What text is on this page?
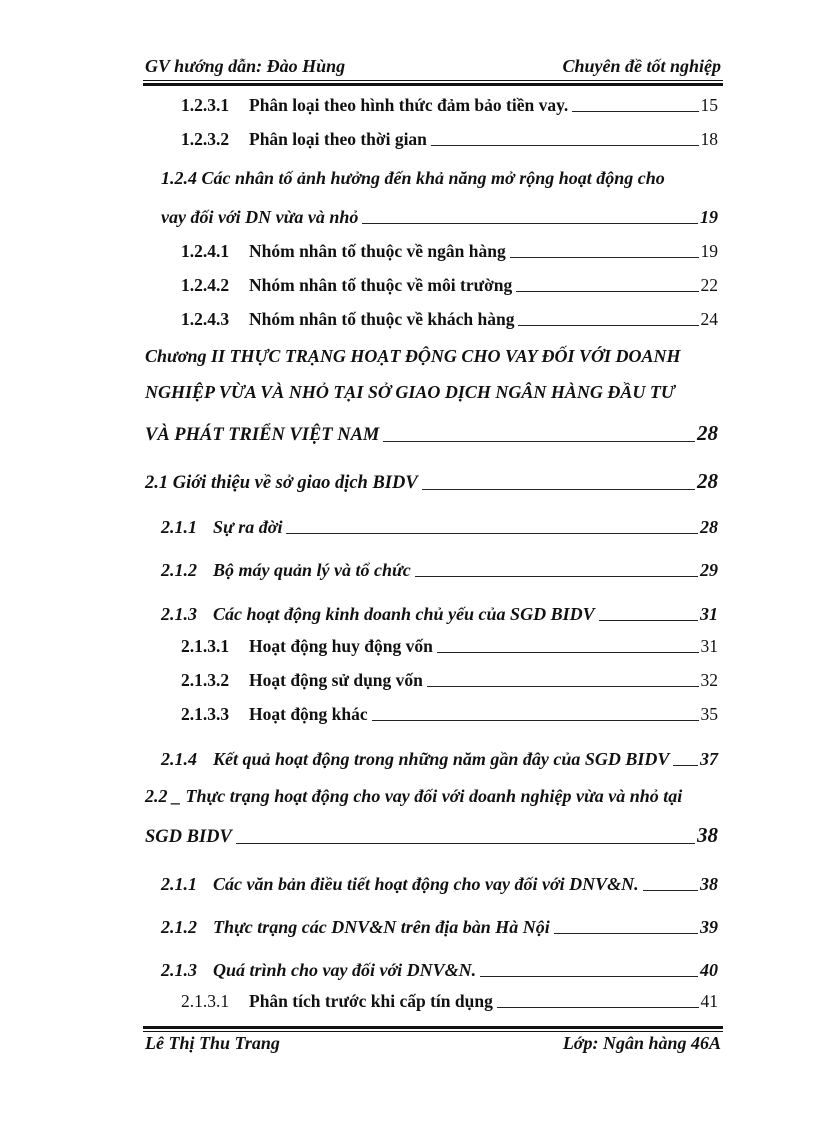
GV hướng dẫn: Đào Hùng	Chuyên đề tốt nghiệp
1.2.3.1	Phân loại theo hình thức đảm bảo tiền vay.	15
1.2.3.2	Phân loại theo thời gian	18
1.2.4 Các nhân tố ảnh hưởng đến khả năng mở rộng hoạt động cho
vay đối với DN vừa và nhỏ	19
1.2.4.1	Nhóm nhân tố thuộc về ngân hàng	19
1.2.4.2	Nhóm nhân tố thuộc về môi trường	22
1.2.4.3	Nhóm nhân tố thuộc về khách hàng	24
Chương II THỰC TRẠNG HOẠT ĐỘNG CHO VAY ĐỐI VỚI DOANH
NGHIỆP VỪA VÀ NHỎ TẠI SỞ GIAO DỊCH NGÂN HÀNG ĐẦU TƯ
VÀ PHÁT TRIỂN VIỆT NAM	28
2.1 Giới thiệu về sở giao dịch BIDV	28
2.1.1 Sự ra đời	28
2.1.2 Bộ máy quản lý và tổ chức	29
2.1.3 Các hoạt động kinh doanh chủ yếu của SGD BIDV	31
2.1.3.1	Hoạt động huy động vốn	31
2.1.3.2	Hoạt động sử dụng vốn	32
2.1.3.3	Hoạt động khác	35
2.1.4 Kết quả hoạt động trong những năm gần đây của SGD BIDV 37
2.2 _ Thực trạng hoạt động cho vay đối với doanh nghiệp vừa và nhỏ tại
SGD BIDV	38
2.1.1 Các văn bản điều tiết hoạt động cho vay đối với DNV&N.	38
2.1.2 Thực trạng các DNV&N trên địa bàn Hà Nội	39
2.1.3 Quá trình cho vay đối với DNV&N.	40
2.1.3.1	Phân tích trước khi cấp tín dụng	41
Lê Thị Thu Trang	Lớp: Ngân hàng 46A
